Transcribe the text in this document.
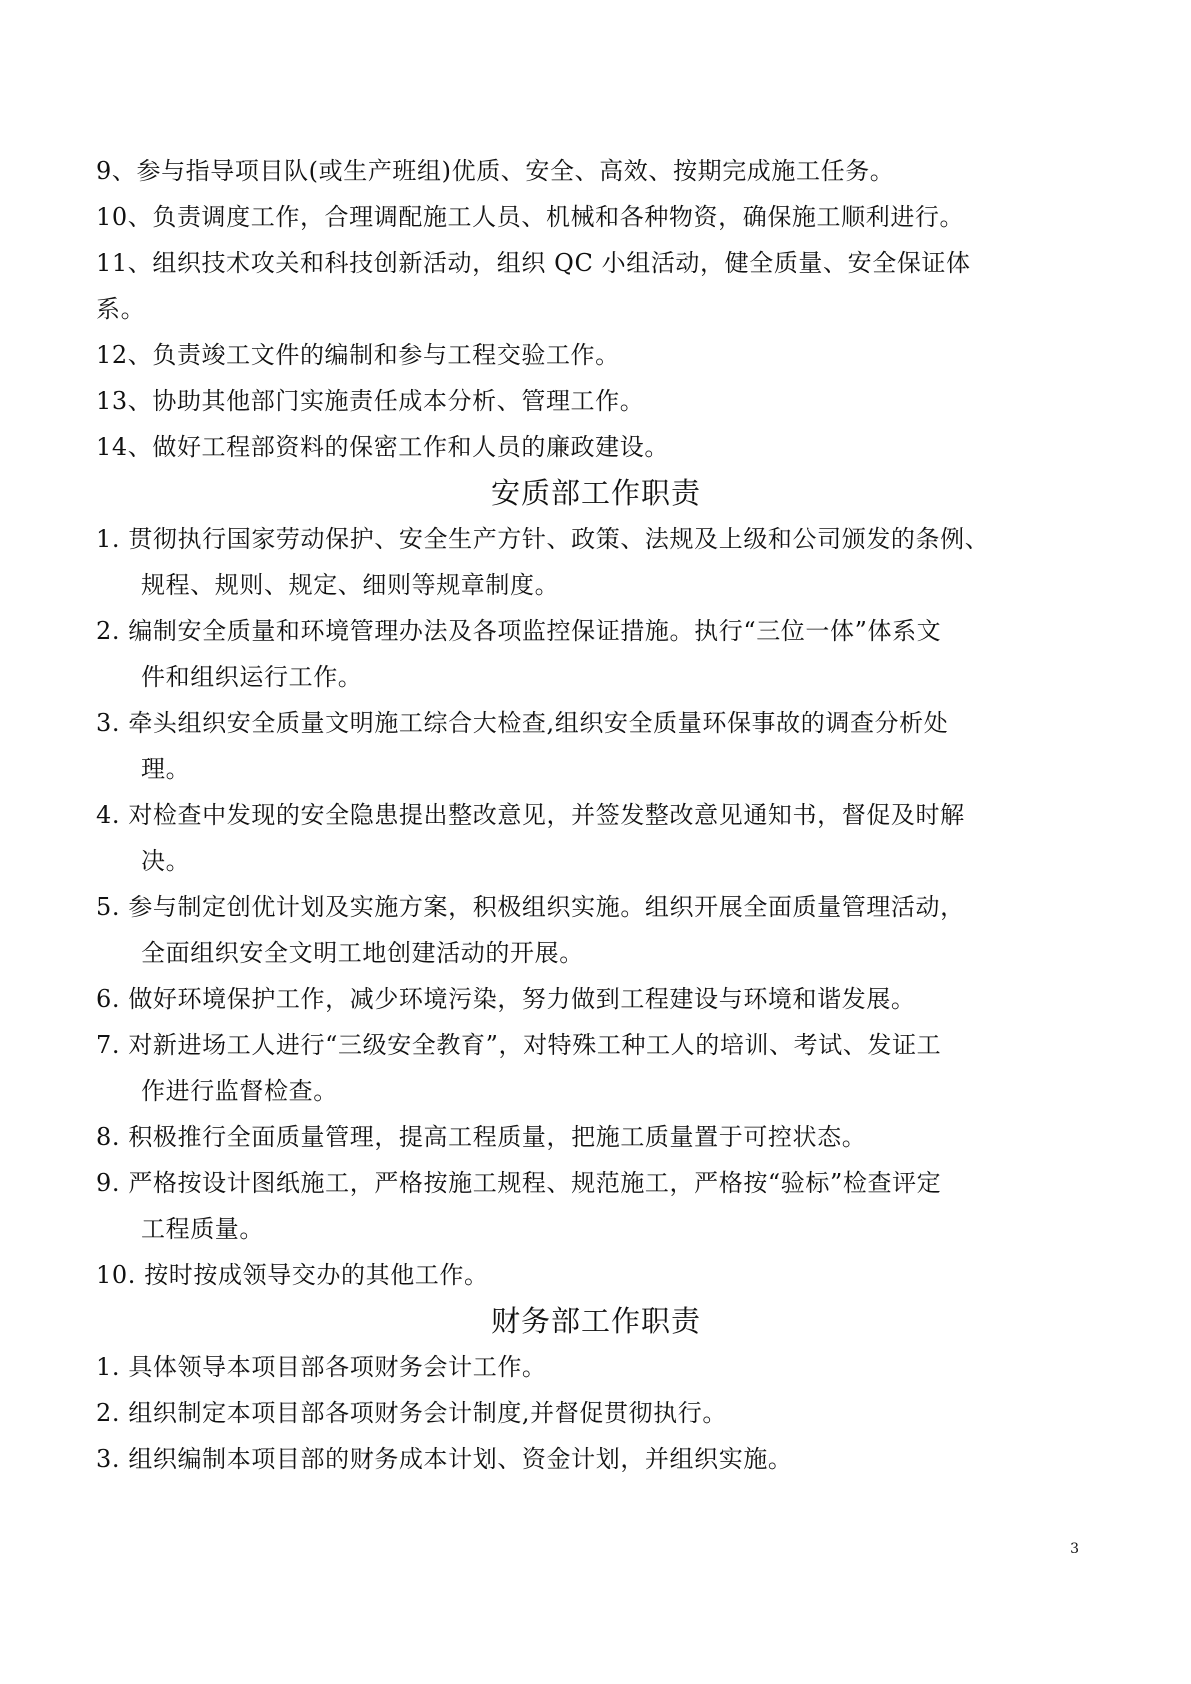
9、参与指导项目队(或生产班组)优质、安全、高效、按期完成施工任务。
10、负责调度工作，合理调配施工人员、机械和各种物资，确保施工顺利进行。
11、组织技术攻关和科技创新活动，组织 QC 小组活动，健全质量、安全保证体
系。
12、负责竣工文件的编制和参与工程交验工作。
13、协助其他部门实施责任成本分析、管理工作。
14、做好工程部资料的保密工作和人员的廉政建设。
安质部工作职责
1. 贯彻执行国家劳动保护、安全生产方针、政策、法规及上级和公司颁发的条例、
规程、规则、规定、细则等规章制度。
2. 编制安全质量和环境管理办法及各项监控保证措施。执行“三位一体”体系文
件和组织运行工作。
3. 牵头组织安全质量文明施工综合大检查,组织安全质量环保事故的调查分析处
理。
4. 对检查中发现的安全隐患提出整改意见，并签发整改意见通知书，督促及时解
决。
5. 参与制定创优计划及实施方案，积极组织实施。组织开展全面质量管理活动，
全面组织安全文明工地创建活动的开展。
6. 做好环境保护工作，减少环境污染，努力做到工程建设与环境和谐发展。
7. 对新进场工人进行“三级安全教育”，对特殊工种工人的培训、考试、发证工
作进行监督检查。
8. 积极推行全面质量管理，提高工程质量，把施工质量置于可控状态。
9. 严格按设计图纸施工，严格按施工规程、规范施工，严格按“验标”检查评定
工程质量。
10. 按时按成领导交办的其他工作。
财务部工作职责
1. 具体领导本项目部各项财务会计工作。
2. 组织制定本项目部各项财务会计制度,并督促贯彻执行。
3. 组织编制本项目部的财务成本计划、资金计划，并组织实施。
3
